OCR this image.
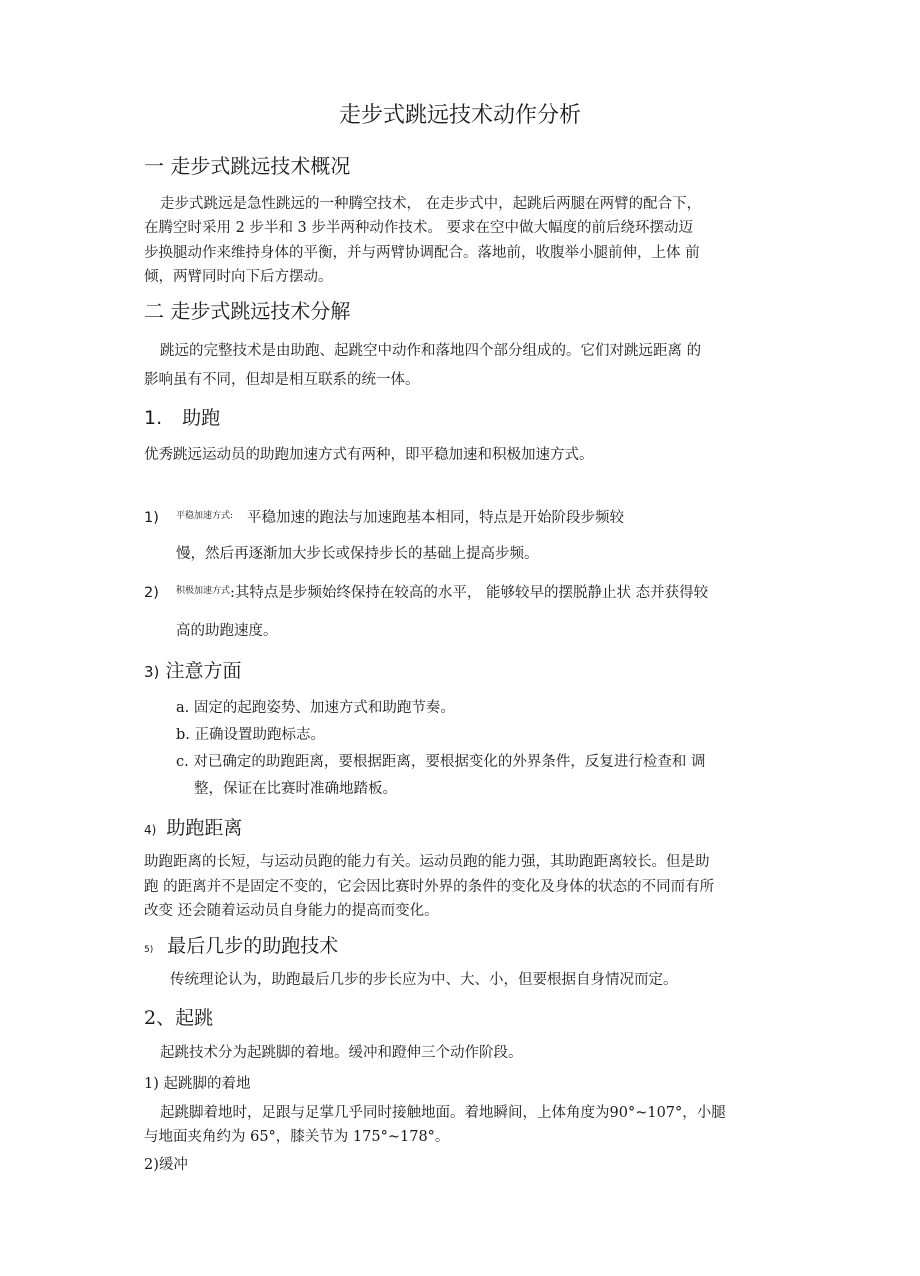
走步式跳远技术动作分析
一 走步式跳远技术概况
走步式跳远是急性跳远的一种腾空技术， 在走步式中，起跳后两腿在两臂的配合下，
在腾空时采用 2 步半和 3 步半两种动作技术。 要求在空中做大幅度的前后绕环摆动迈
步换腿动作来维持身体的平衡，并与两臂协调配合。落地前，收腹举小腿前伸，上体 前
倾，两臂同时向下后方摆动。
二 走步式跳远技术分解
跳远的完整技术是由助跑、起跳空中动作和落地四个部分组成的。它们对跳远距离 的
影响虽有不同，但却是相互联系的统一体。
1. 助跑
优秀跳远运动员的助跑加速方式有两种，即平稳加速和积极加速方式。
1) $^{平稳加速方式:}$ 平稳加速的跑法与加速跑基本相同，特点是开始阶段步频较
慢，然后再逐渐加大步长或保持步长的基础上提高步频。
2) $^{积极加速方式}$:其特点是步频始终保持在较高的水平， 能够较早的摆脱静止状 态并获得较
高的助跑速度。
3) 注意方面
a. 固定的起跑姿势、加速方式和助跑节奏。
b. 正确设置助跑标志。
c. 对已确定的助跑距离，要根据距离，要根据变化的外界条件，反复进行检查和 调
整，保证在比赛时准确地踏板。
4) 助跑距离
助跑距离的长短，与运动员跑的能力有关。运动员跑的能力强，其助跑距离较长。但是助
跑 的距离并不是固定不变的，它会因比赛时外界的条件的变化及身体的状态的不同而有所
改变 还会随着运动员自身能力的提高而变化。
5) 最后几步的助跑技术
传统理论认为，助跑最后几步的步长应为中、大、小，但要根据自身情况而定。
2、起跳
起跳技术分为起跳脚的着地。缓冲和蹬伸三个动作阶段。
1) 起跳脚的着地
起跳脚着地时，足跟与足掌几乎同时接触地面。着地瞬间，上体角度为90°~107°，小腿
与地面夹角约为 65°，膝关节为 175°~178°。
2)缓冲
